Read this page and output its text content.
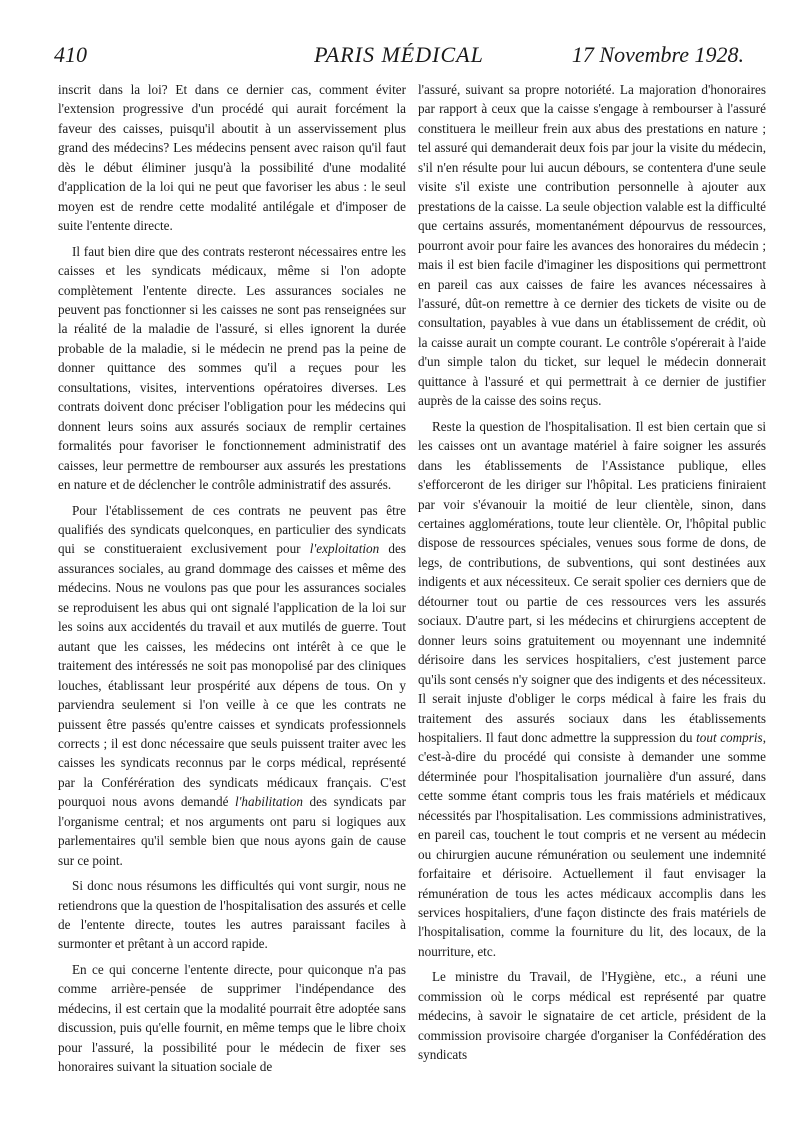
410	PARIS MÉDICAL	17 Novembre 1928.

inscrit dans la loi? Et dans ce dernier cas, comment éviter l'extension progressive d'un procédé qui aurait forcément la faveur des caisses, puisqu'il aboutit à un asservissement plus grand des médecins? Les médecins pensent avec raison qu'il faut dès le début éliminer jusqu'à la possibilité d'une modalité d'application de la loi qui ne peut que favoriser les abus : le seul moyen est de rendre cette modalité antilégale et d'imposer de suite l'entente directe.

Il faut bien dire que des contrats resteront nécessaires entre les caisses et les syndicats médicaux, même si l'on adopte complètement l'entente directe. Les assurances sociales ne peuvent pas fonctionner si les caisses ne sont pas renseignées sur la réalité de la maladie de l'assuré, si elles ignorent la durée probable de la maladie, si le médecin ne prend pas la peine de donner quittance des sommes qu'il a reçues pour les consultations, visites, interventions opératoires diverses. Les contrats doivent donc préciser l'obligation pour les médecins qui donnent leurs soins aux assurés sociaux de remplir certaines formalités pour favoriser le fonctionnement administratif des caisses, leur permettre de rembourser aux assurés les prestations en nature et de déclencher le contrôle administratif des assurés.

Pour l'établissement de ces contrats ne peuvent pas être qualifiés des syndicats quelconques, en particulier des syndicats qui se constitueraient exclusivement pour l'exploitation des assurances sociales, au grand dommage des caisses et même des médecins. Nous ne voulons pas que pour les assurances sociales se reproduisent les abus qui ont signalé l'application de la loi sur les soins aux accidentés du travail et aux mutilés de guerre. Tout autant que les caisses, les médecins ont intérêt à ce que le traitement des intéressés ne soit pas monopolisé par des cliniques louches, établissant leur prospérité aux dépens de tous. On y parviendra seulement si l'on veille à ce que les contrats ne puissent être passés qu'entre caisses et syndicats professionnels corrects ; il est donc nécessaire que seuls puissent traiter avec les caisses les syndicats reconnus par le corps médical, représenté par la Conférération des syndicats médicaux français. C'est pourquoi nous avons demandé l'habilitation des syndicats par l'organisme central; et nos arguments ont paru si logiques aux parlementaires qu'il semble bien que nous ayons gain de cause sur ce point.

Si donc nous résumons les difficultés qui vont surgir, nous ne retiendrons que la question de l'hospitalisation des assurés et celle de l'entente directe, toutes les autres paraissant faciles à surmonter et prêtant à un accord rapide.

En ce qui concerne l'entente directe, pour quiconque n'a pas comme arrière-pensée de supprimer l'indépendance des médecins, il est certain que la modalité pourrait être adoptée sans discussion, puis qu'elle fournit, en même temps que le libre choix pour l'assuré, la possibilité pour le médecin de fixer ses honoraires suivant la situation sociale de

l'assuré, suivant sa propre notoriété. La majoration d'honoraires par rapport à ceux que la caisse s'engage à rembourser à l'assuré constituera le meilleur frein aux abus des prestations en nature ; tel assuré qui demanderait deux fois par jour la visite du médecin, s'il n'en résulte pour lui aucun débours, se contentera d'une seule visite s'il existe une contribution personnelle à ajouter aux prestations de la caisse. La seule objection valable est la difficulté que certains assurés, momentanément dépourvus de ressources, pourront avoir pour faire les avances des honoraires du médecin ; mais il est bien facile d'imaginer les dispositions qui permettront en pareil cas aux caisses de faire les avances nécessaires à l'assuré, dût-on remettre à ce dernier des tickets de visite ou de consultation, payables à vue dans un établissement de crédit, où la caisse aurait un compte courant. Le contrôle s'opérerait à l'aide d'un simple talon du ticket, sur lequel le médecin donnerait quittance à l'assuré et qui permettrait à ce dernier de justifier auprès de la caisse des soins reçus.

Reste la question de l'hospitalisation. Il est bien certain que si les caisses ont un avantage matériel à faire soigner les assurés dans les établissements de l'Assistance publique, elles s'efforceront de les diriger sur l'hôpital. Les praticiens finiraient par voir s'évanouir la moitié de leur clientèle, sinon, dans certaines agglomérations, toute leur clientèle. Or, l'hôpital public dispose de ressources spéciales, venues sous forme de dons, de legs, de contributions, de subventions, qui sont destinées aux indigents et aux nécessiteux. Ce serait spolier ces derniers que de détourner tout ou partie de ces ressources vers les assurés sociaux. D'autre part, si les médecins et chirurgiens acceptent de donner leurs soins gratuitement ou moyennant une indemnité dérisoire dans les services hospitaliers, c'est justement parce qu'ils sont censés n'y soigner que des indigents et des nécessiteux. Il serait injuste d'obliger le corps médical à faire les frais du traitement des assurés sociaux dans les établissements hospitaliers. Il faut donc admettre la suppression du tout compris, c'est-à-dire du procédé qui consiste à demander une somme déterminée pour l'hospitalisation journalière d'un assuré, dans cette somme étant compris tous les frais matériels et médicaux nécessités par l'hospitalisation. Les commissions administratives, en pareil cas, touchent le tout compris et ne versent au médecin ou chirurgien aucune rémunération ou seulement une indemnité forfaitaire et dérisoire. Actuellement il faut envisager la rémunération de tous les actes médicaux accomplis dans les services hospitaliers, d'une façon distincte des frais matériels de l'hospitalisation, comme la fourniture du lit, des locaux, de la nourriture, etc.

Le ministre du Travail, de l'Hygiène, etc., a réuni une commission où le corps médical est représenté par quatre médecins, à savoir le signataire de cet article, président de la commission provisoire chargée d'organiser la Confédération des syndicats
